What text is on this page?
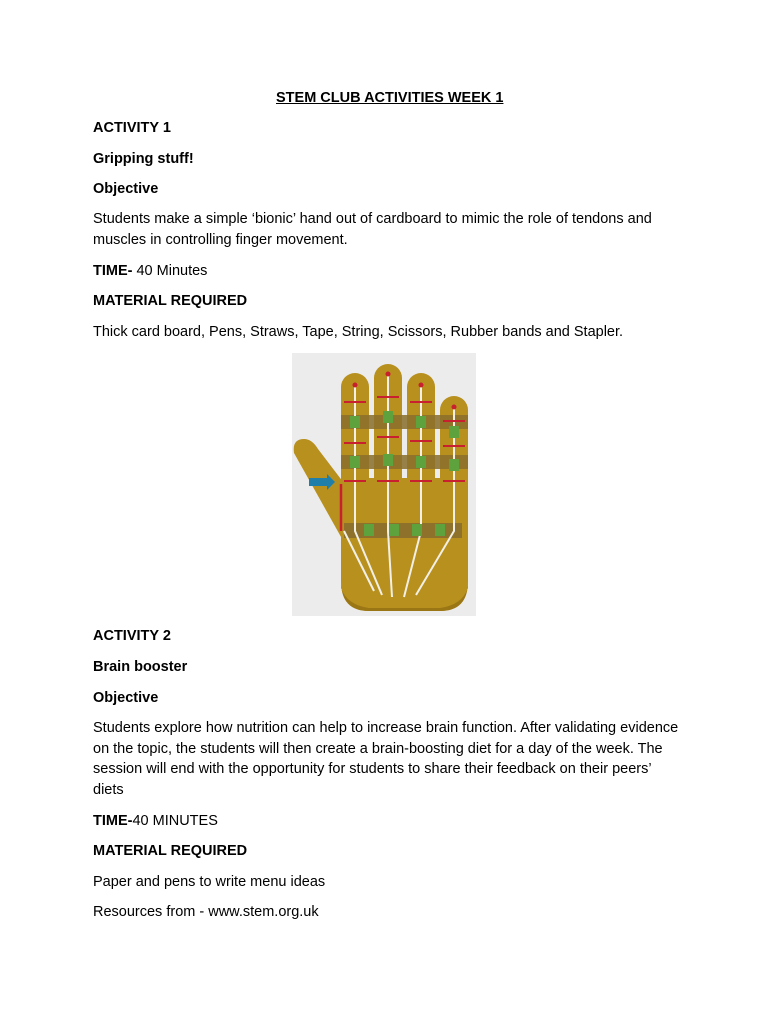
STEM CLUB ACTIVITIES WEEK 1
ACTIVITY 1
Gripping stuff!
Objective
Students make a simple ‘bionic’ hand out of cardboard to mimic the role of tendons and muscles in controlling finger movement.
TIME- 40 Minutes
MATERIAL REQUIRED
Thick card board, Pens, Straws, Tape, String, Scissors, Rubber bands and Stapler.
ACTIVITY 2
Brain booster
Objective
Students explore how nutrition can help to increase brain function. After validating evidence on the topic, the students will then create a brain-boosting diet for a day of the week. The session will end with the opportunity for students to share their feedback on their peers’ diets
TIME-40 MINUTES
MATERIAL REQUIRED
Paper and pens to write menu ideas
Resources from - www.stem.org.uk
